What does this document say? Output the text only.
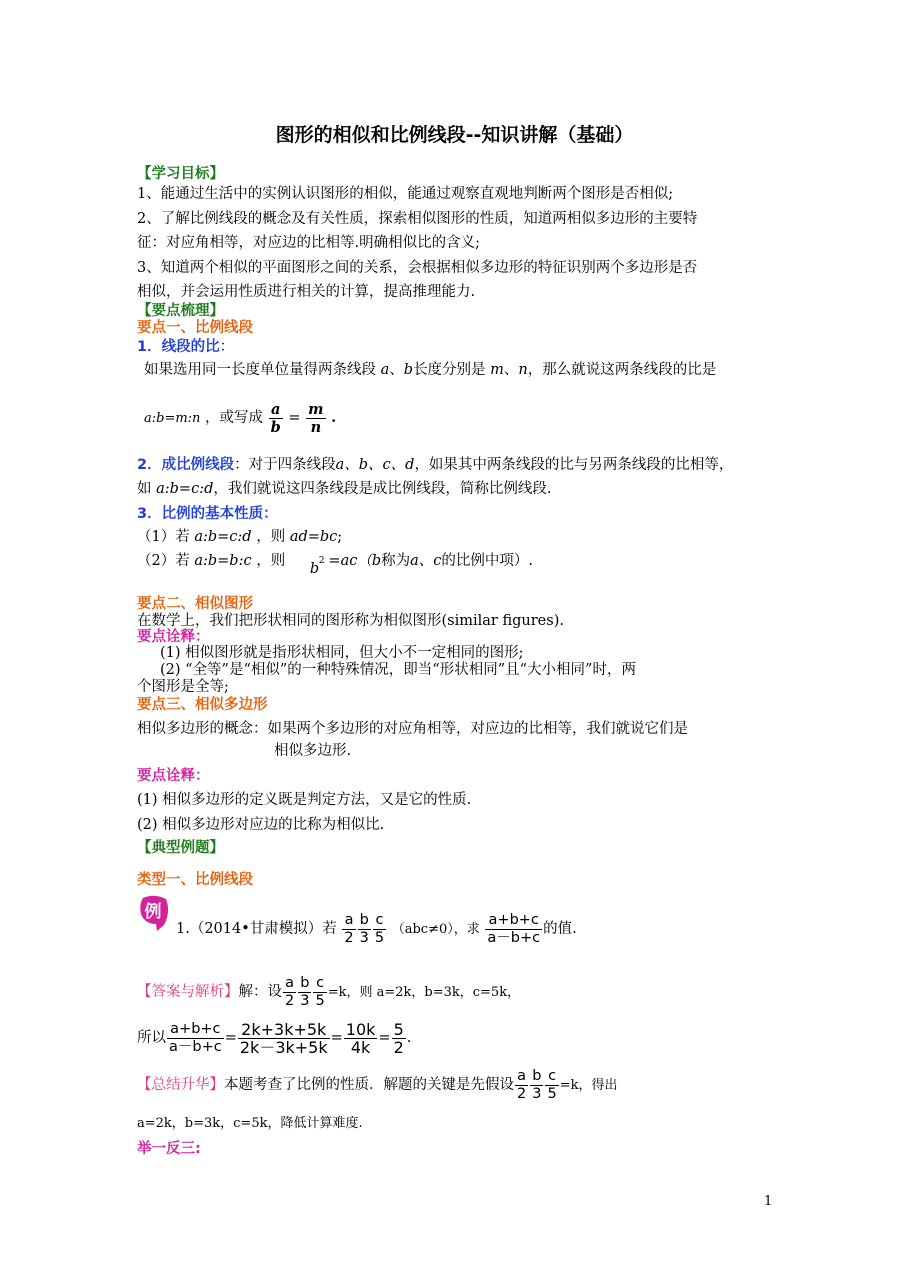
图形的相似和比例线段--知识讲解（基础）
【学习目标】
1、能通过生活中的实例认识图形的相似，能通过观察直观地判断两个图形是否相似;
2、了解比例线段的概念及有关性质，探索相似图形的性质，知道两相似多边形的主要特
征：对应角相等，对应边的比相等.明确相似比的含义;
3、知道两个相似的平面图形之间的关系，会根据相似多边形的特征识别两个多边形是否
相似，并会运用性质进行相关的计算，提高推理能力.
【要点梳理】
要点一、比例线段
1．线段的比：
如果选用同一长度单位量得两条线段 a、b长度分别是 m、n，那么就说这两条线段的比是
a:b=m:n ，或写成 $\frac{a}{b} = \frac{m}{n}$ .
2．成比例线段：对于四条线段a、b、c、d，如果其中两条线段的比与另两条线段的比相等，
如 a:b=c:d，我们就说这四条线段是成比例线段，简称比例线段.
3．比例的基本性质：
（1）若 a:b=c:d ，则 ad=bc;
（2）若 a:b=b:c ，则 b 2 =ac（b称为a、c的比例中项）.
要点二、相似图形
在数学上，我们把形状相同的图形称为相似图形(similar figures).
要点诠释：
(1) 相似图形就是指形状相同，但大小不一定相同的图形;
(2) “全等”是“相似”的一种特殊情况，即当“形状相同”且“大小相同”时，两
个图形是全等;
要点三、相似多边形
相似多边形的概念：如果两个多边形的对应角相等，对应边的比相等，我们就说它们是
相似多边形.
要点诠释：
(1) 相似多边形的定义既是判定方法，又是它的性质.
(2) 相似多边形对应边的比称为相似比.
【典型例题】
类型一、比例线段
例
1.（2014•甘肃模拟）若 $\frac{a}{2} \frac{b}{3} \frac{c}{5} (abc\ne 0)$，求 $\frac{a+b+c}{a-b+c}$ 的值.
【答案与解析】解：设 $\frac{a}{2} \frac{b}{3} \frac{c}{5} =k$，则 a=2k，b=3k，c=5k，
所以 $\frac{a+b+c}{a-b+c} = \frac{2k+3k+5k}{2k-3k+5k} = \frac{10k}{4k} = \frac{5}{2}$ .
【总结升华】本题考查了比例的性质．解题的关键是先假设 $\frac{a}{2} \frac{b}{3} \frac{c}{5} =k$，得出
a=2k，b=3k，c=5k，降低计算难度.
举一反三:
1
